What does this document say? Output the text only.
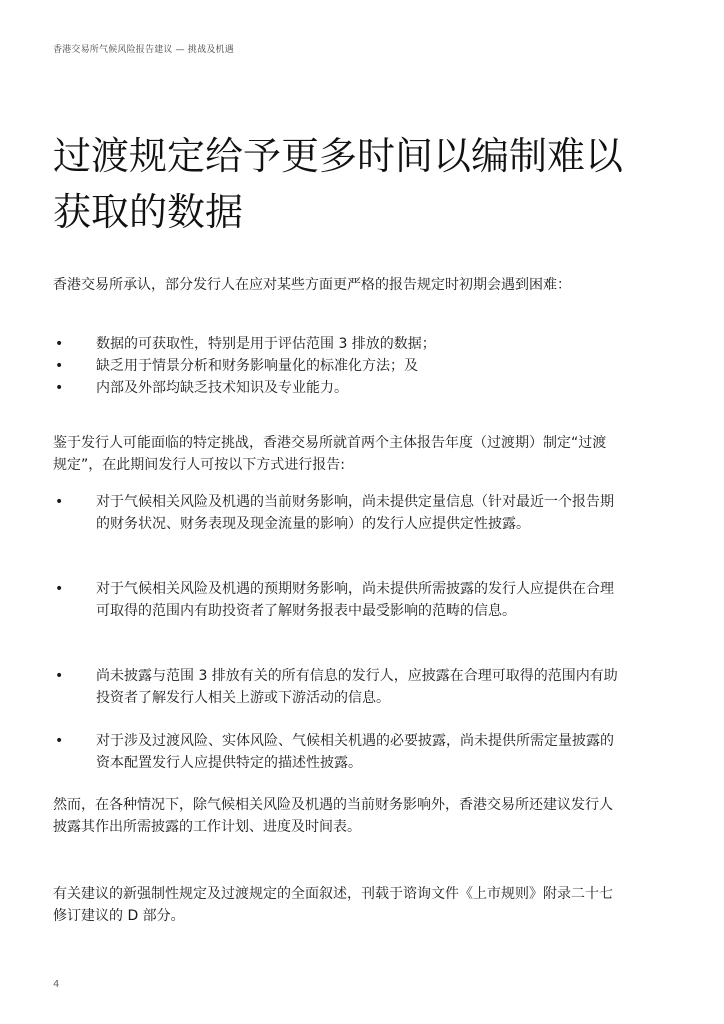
香港交易所气候风险报告建议 — 挑战及机遇
过渡规定给予更多时间以编制难以获取的数据

香港交易所承认，部分发行人在应对某些方面更严格的报告规定时初期会遇到困难：

• 数据的可获取性，特别是用于评估范围 3 排放的数据；
• 缺乏用于情景分析和财务影响量化的标准化方法；及
• 内部及外部均缺乏技术知识及专业能力。

鉴于发行人可能面临的特定挑战，香港交易所就首两个主体报告年度（过渡期）制定“过渡规定”，在此期间发行人可按以下方式进行报告:

• 对于气候相关风险及机遇的当前财务影响，尚未提供定量信息（针对最近一个报告期的财务状况、财务表现及现金流量的影响）的发行人应提供定性披露。
• 对于气候相关风险及机遇的预期财务影响，尚未提供所需披露的发行人应提供在合理可取得的范围内有助投资者了解财务报表中最受影响的范畴的信息。
• 尚未披露与范围 3 排放有关的所有信息的发行人，应披露在合理可取得的范围内有助投资者了解发行人相关上游或下游活动的信息。
• 对于涉及过渡风险、实体风险、气候相关机遇的必要披露，尚未提供所需定量披露的资本配置发行人应提供特定的描述性披露。

然而，在各种情况下，除气候相关风险及机遇的当前财务影响外，香港交易所还建议发行人披露其作出所需披露的工作计划、进度及时间表。

有关建议的新强制性规定及过渡规定的全面叙述，刊载于谘询文件《上市规则》附录二十七修订建议的 D 部分。

4
